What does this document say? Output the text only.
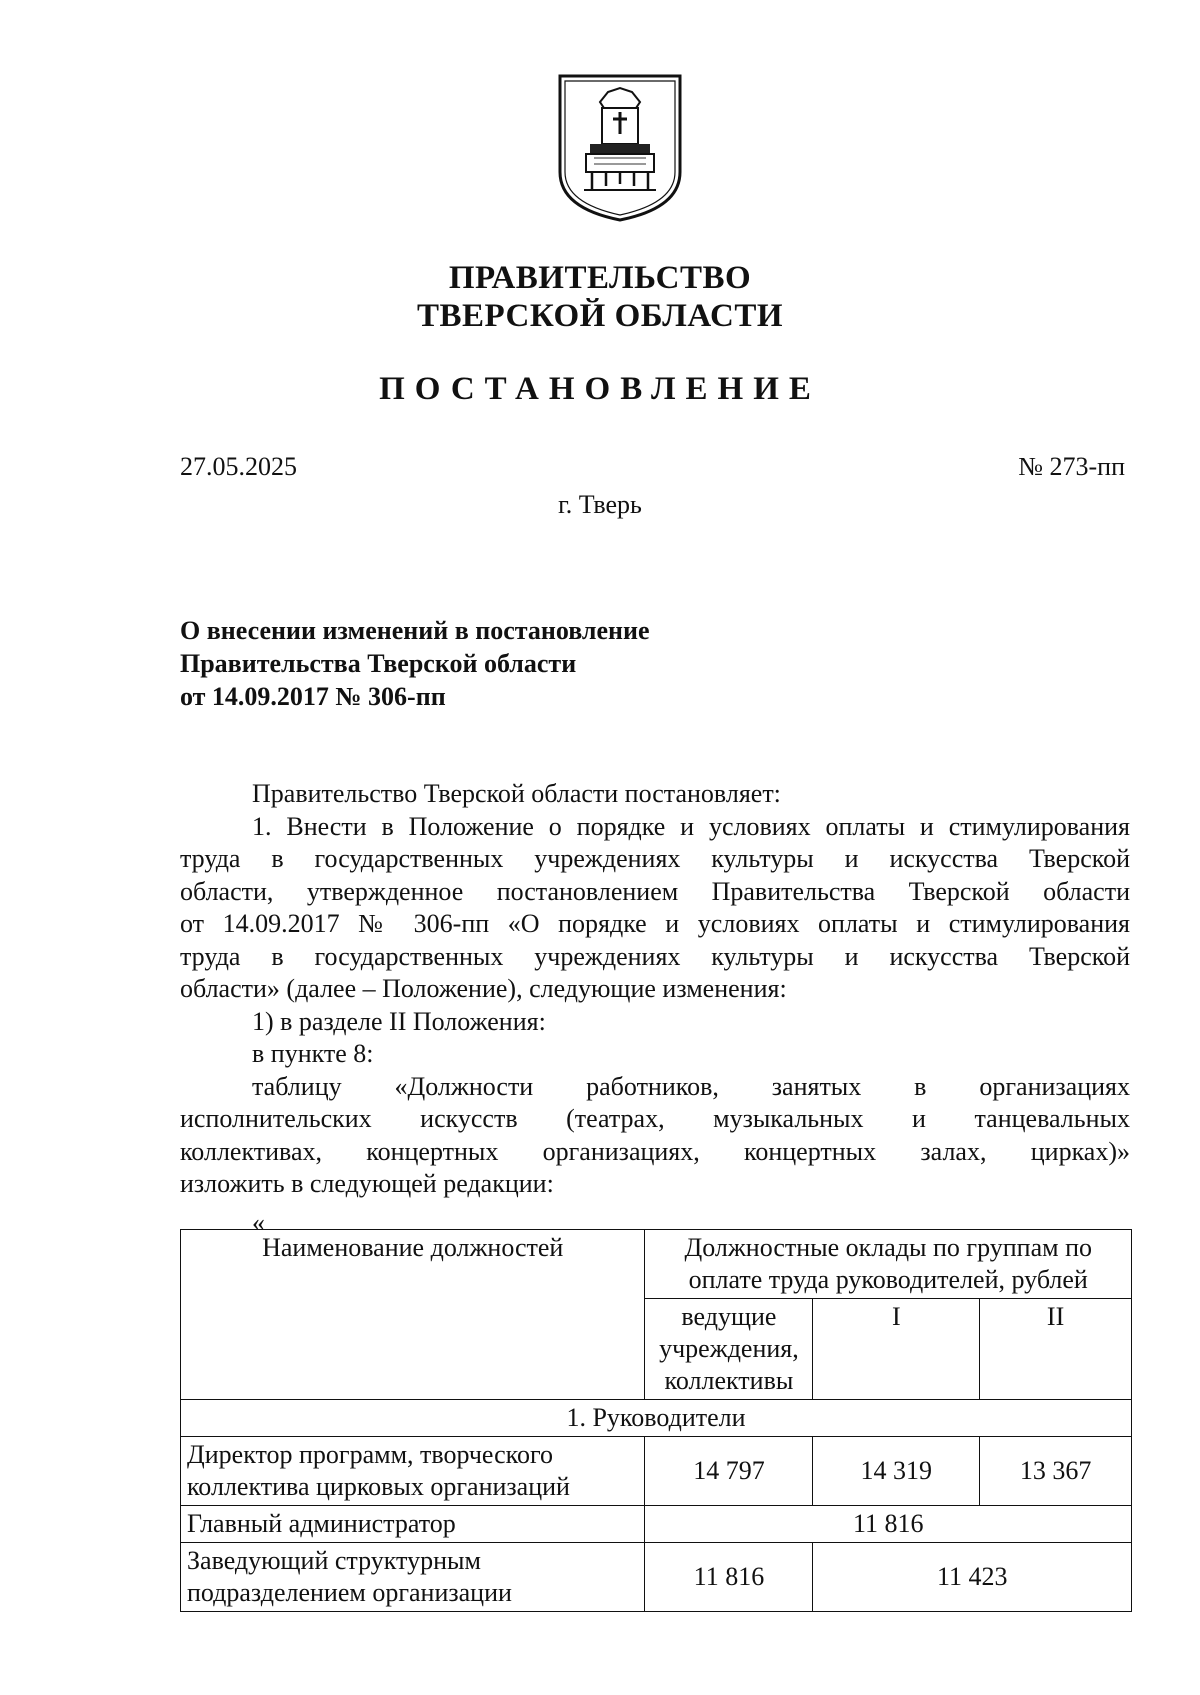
ПРАВИТЕЛЬСТВО
ТВЕРСКОЙ ОБЛАСТИ
ПОСТАНОВЛЕНИЕ
27.05.2025	№ 273-пп
г. Тверь
О внесении изменений в постановление
Правительства Тверской области
от 14.09.2017 № 306-пп

Правительство Тверской области постановляет:

1. Внести в Положение о порядке и условиях оплаты и стимулирования

труда в государственных учреждениях культуры и искусства Тверской

области, утвержденное постановлением Правительства Тверской области

от 14.09.2017 № 306-пп «О порядке и условиях оплаты и стимулирования

труда в государственных учреждениях культуры и искусства Тверской

области» (далее – Положение), следующие изменения:

1) в разделе II Положения:

в пункте 8:

таблицу «Должности работников, занятых в организациях

исполнительских искусств (театрах, музыкальных и танцевальных

коллективах, концертных организациях, концертных залах, цирках)»

изложить в следующей редакции:

«
Наименование должностей	Должностные оклады по группам по оплате труда руководителей, рублей		
	ведущие учреждения, коллективы	I	II
1. Руководители			
Директор программ, творческого коллектива цирковых организаций	14 797	14 319	13 367
Главный администратор	11 816		
Заведующий структурным подразделением организации	11 816	11 423	
